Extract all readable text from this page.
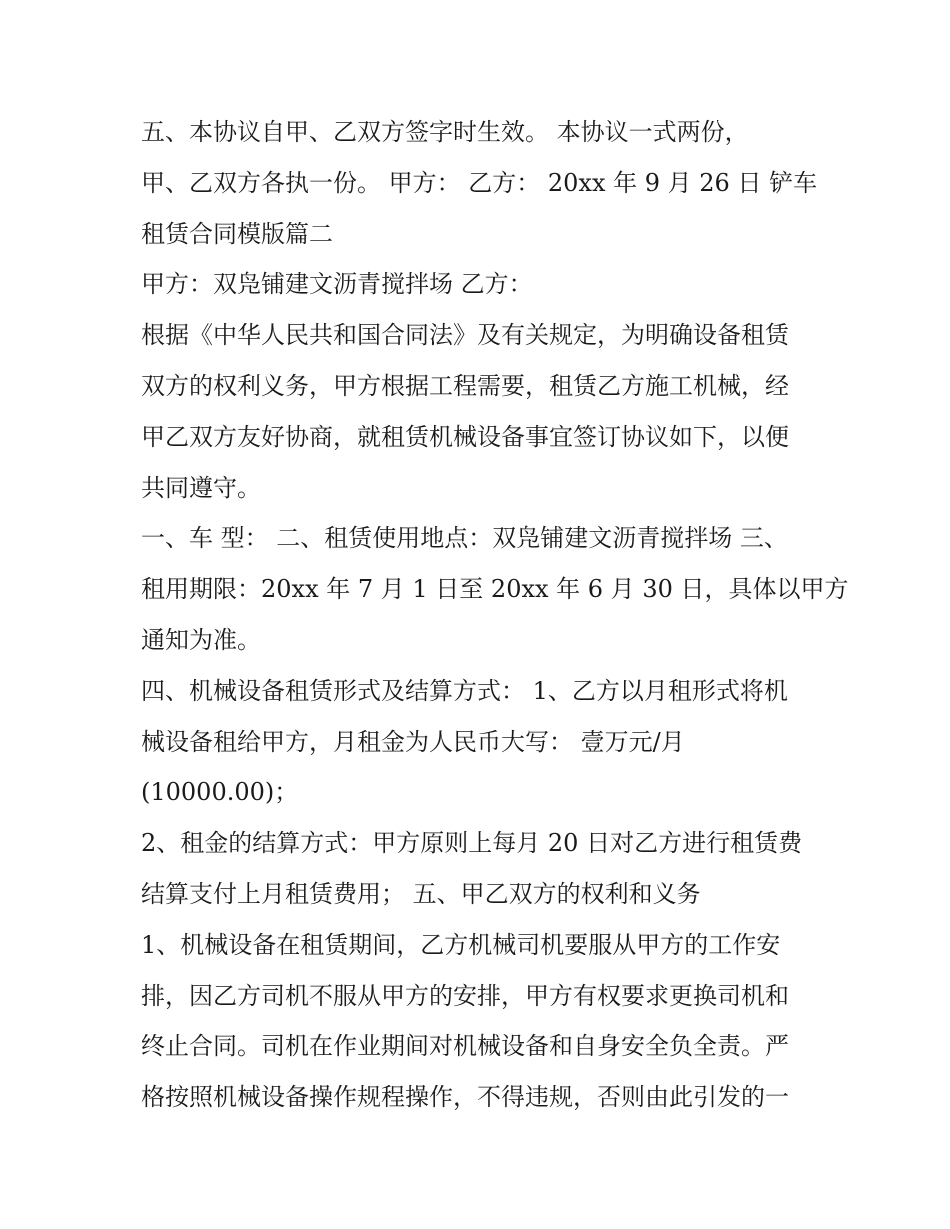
五、本协议自甲、乙双方签字时生效。 本协议一式两份，
甲、乙双方各执一份。 甲方： 乙方： 20xx 年 9 月 26 日 铲车
租赁合同模版篇二
甲方：双凫铺建文沥青搅拌场 乙方：
根据《中华人民共和国合同法》及有关规定，为明确设备租赁
双方的权利义务，甲方根据工程需要，租赁乙方施工机械，经
甲乙双方友好协商，就租赁机械设备事宜签订协议如下，以便
共同遵守。
一、车 型： 二、租赁使用地点：双凫铺建文沥青搅拌场 三、
租用期限：20xx 年 7 月 1 日至 20xx 年 6 月 30 日，具体以甲方
通知为准。
四、机械设备租赁形式及结算方式： 1、乙方以月租形式将机
械设备租给甲方，月租金为人民币大写： 壹万元/月
(10000.00)；
2、租金的结算方式：甲方原则上每月 20 日对乙方进行租赁费
结算支付上月租赁费用； 五、甲乙双方的权利和义务
1、机械设备在租赁期间，乙方机械司机要服从甲方的工作安
排，因乙方司机不服从甲方的安排，甲方有权要求更换司机和
终止合同。司机在作业期间对机械设备和自身安全负全责。严
格按照机械设备操作规程操作，不得违规，否则由此引发的一
